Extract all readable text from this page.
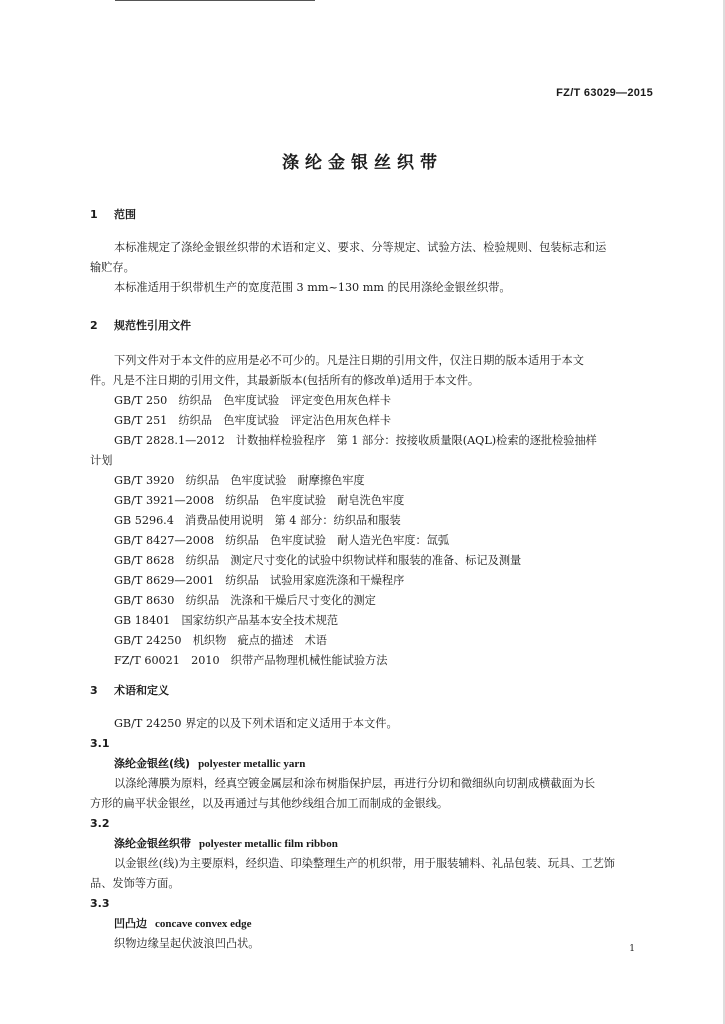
FZ/T 63029—2015
涤纶金银丝织带
1 范围
本标准规定了涤纶金银丝织带的术语和定义、要求、分等规定、试验方法、检验规则、包装标志和运
输贮存。
本标准适用于织带机生产的宽度范围 3 mm~130 mm 的民用涤纶金银丝织带。
2 规范性引用文件
下列文件对于本文件的应用是必不可少的。凡是注日期的引用文件，仅注日期的版本适用于本文
件。凡是不注日期的引用文件，其最新版本(包括所有的修改单)适用于本文件。
GB/T 250　纺织品　色牢度试验　评定变色用灰色样卡
GB/T 251　纺织品　色牢度试验　评定沾色用灰色样卡
GB/T 2828.1—2012　计数抽样检验程序　第 1 部分：按接收质量限(AQL)检索的逐批检验抽样
计划
GB/T 3920　纺织品　色牢度试验　耐摩擦色牢度
GB/T 3921—2008　纺织品　色牢度试验　耐皂洗色牢度
GB 5296.4　消费品使用说明　第 4 部分：纺织品和服装
GB/T 8427—2008　纺织品　色牢度试验　耐人造光色牢度：氙弧
GB/T 8628　纺织品　测定尺寸变化的试验中织物试样和服装的准备、标记及测量
GB/T 8629—2001　纺织品　试验用家庭洗涤和干燥程序
GB/T 8630　纺织品　洗涤和干燥后尺寸变化的测定
GB 18401　国家纺织产品基本安全技术规范
GB/T 24250　机织物　疵点的描述　术语
FZ/T 60021　2010　织带产品物理机械性能试验方法
3 术语和定义
GB/T 24250 界定的以及下列术语和定义适用于本文件。
3.1
涤纶金银丝(线) polyester metallic yarn
以涤纶薄膜为原料，经真空镀金属层和涂布树脂保护层，再进行分切和微细纵向切割成横截面为长
方形的扁平状金银丝，以及再通过与其他纱线组合加工而制成的金银线。
3.2
涤纶金银丝织带 polyester metallic film ribbon
以金银丝(线)为主要原料，经织造、印染整理生产的机织带，用于服装辅料、礼品包装、玩具、工艺饰
品、发饰等方面。
3.3
凹凸边 concave convex edge
织物边缘呈起伏波浪凹凸状。	1
